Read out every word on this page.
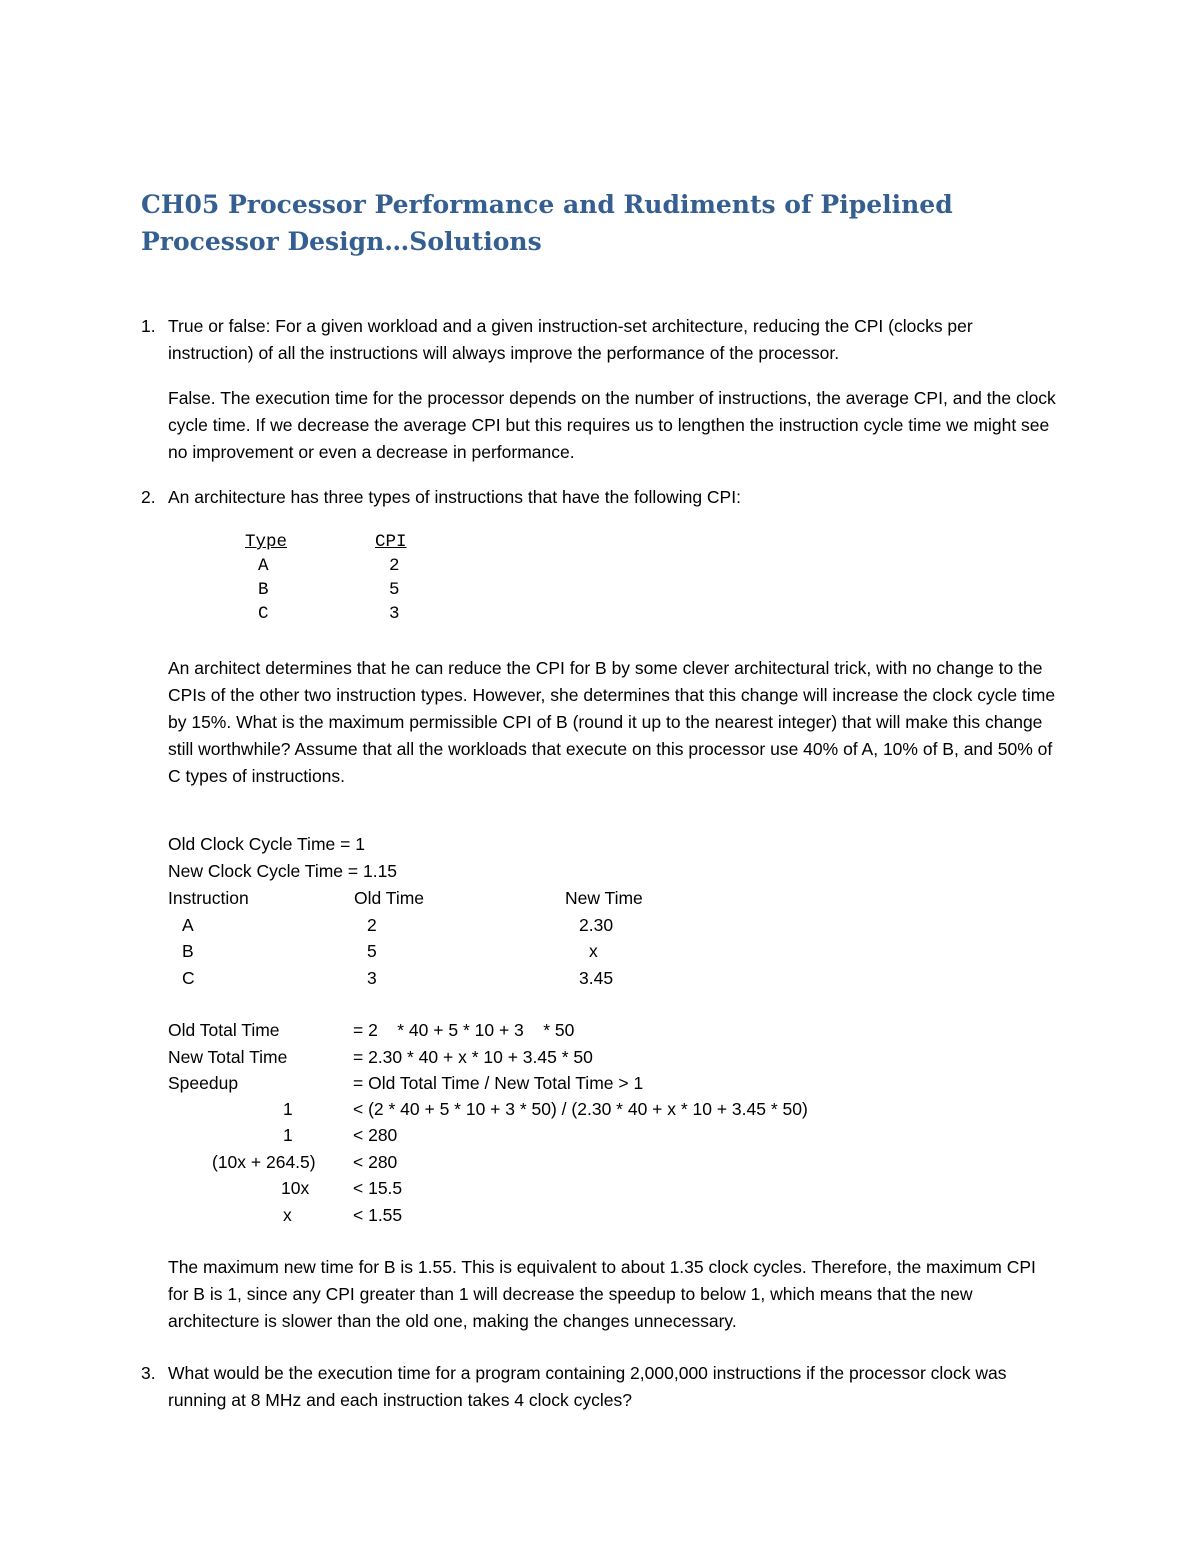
CH05 Processor Performance and Rudiments of Pipelined Processor Design…Solutions
1. True or false: For a given workload and a given instruction-set architecture, reducing the CPI (clocks per instruction) of all the instructions will always improve the performance of the processor.

False. The execution time for the processor depends on the number of instructions, the average CPI, and the clock cycle time. If we decrease the average CPI but this requires us to lengthen the instruction cycle time we might see no improvement or even a decrease in performance.

2. An architecture has three types of instructions that have the following CPI:

Type	CPI
A	2
B	5
C	3

An architect determines that he can reduce the CPI for B by some clever architectural trick, with no change to the CPIs of the other two instruction types. However, she determines that this change will increase the clock cycle time by 15%. What is the maximum permissible CPI of B (round it up to the nearest integer) that will make this change still worthwhile? Assume that all the workloads that execute on this processor use 40% of A, 10% of B, and 50% of C types of instructions.

Old Clock Cycle Time = 1
New Clock Cycle Time = 1.15
Instruction	Old Time	New Time
A	2	2.30
B	5	x
C	3	3.45
Old Total Time	= 2    * 40 + 5 * 10 + 3    * 50
New Total Time	= 2.30 * 40 + x * 10 + 3.45 * 50
Speedup	= Old Total Time / New Total Time > 1
1	< (2 * 40 + 5 * 10 + 3 * 50) / (2.30 * 40 + x * 10 + 3.45 * 50)
1	< 280
(10x + 264.5) < 280
10x	< 15.5
x	< 1.55

The maximum new time for B is 1.55. This is equivalent to about 1.35 clock cycles. Therefore, the maximum CPI for B is 1, since any CPI greater than 1 will decrease the speedup to below 1, which means that the new architecture is slower than the old one, making the changes unnecessary.

3. What would be the execution time for a program containing 2,000,000 instructions if the processor clock was running at 8 MHz and each instruction takes 4 clock cycles?
